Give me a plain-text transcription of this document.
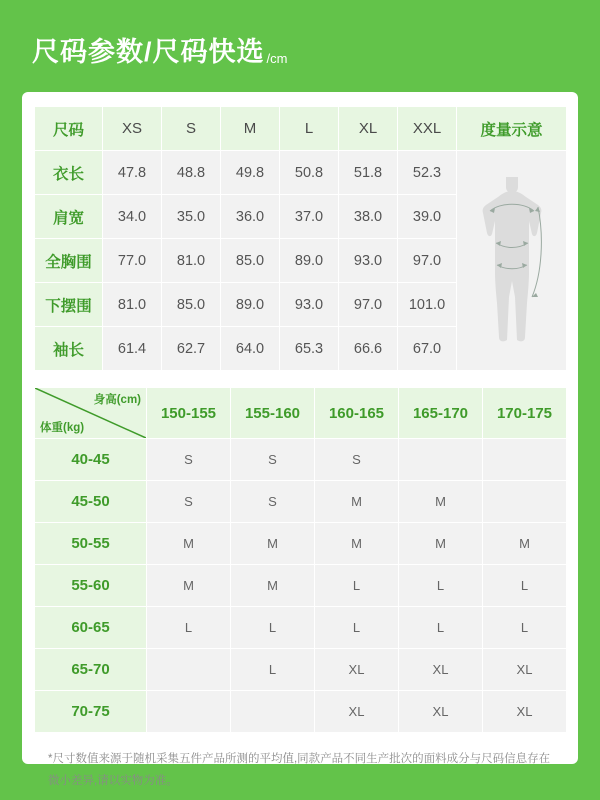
尺码参数/尺码快选 /cm
尺码	XS	S	M	L	XL	XXL	度量示意
衣长	47.8	48.8	49.8	50.8	51.8	52.3	

肩宽	34.0	35.0	36.0	37.0	38.0	39.0	
全胸围	77.0	81.0	85.0	89.0	93.0	97.0	
下摆围	81.0	85.0	89.0	93.0	97.0	101.0	
袖长	61.4	62.7	64.0	65.3	66.6	67.0	
身高(cm)
体重(kg)	150-155	155-160	160-165	165-170	170-175
40-45	S	S	S		
45-50	S	S	M	M	
50-55	M	M	M	M	M
55-60	M	M	L	L	L
60-65	L	L	L	L	L
65-70		L	XL	XL	XL
70-75			XL	XL	XL
*尺寸数值来源于随机采集五件产品所测的平均值,同款产品不同生产批次的面料成分与尺码信息存在
微小差异,请以实物为准。
